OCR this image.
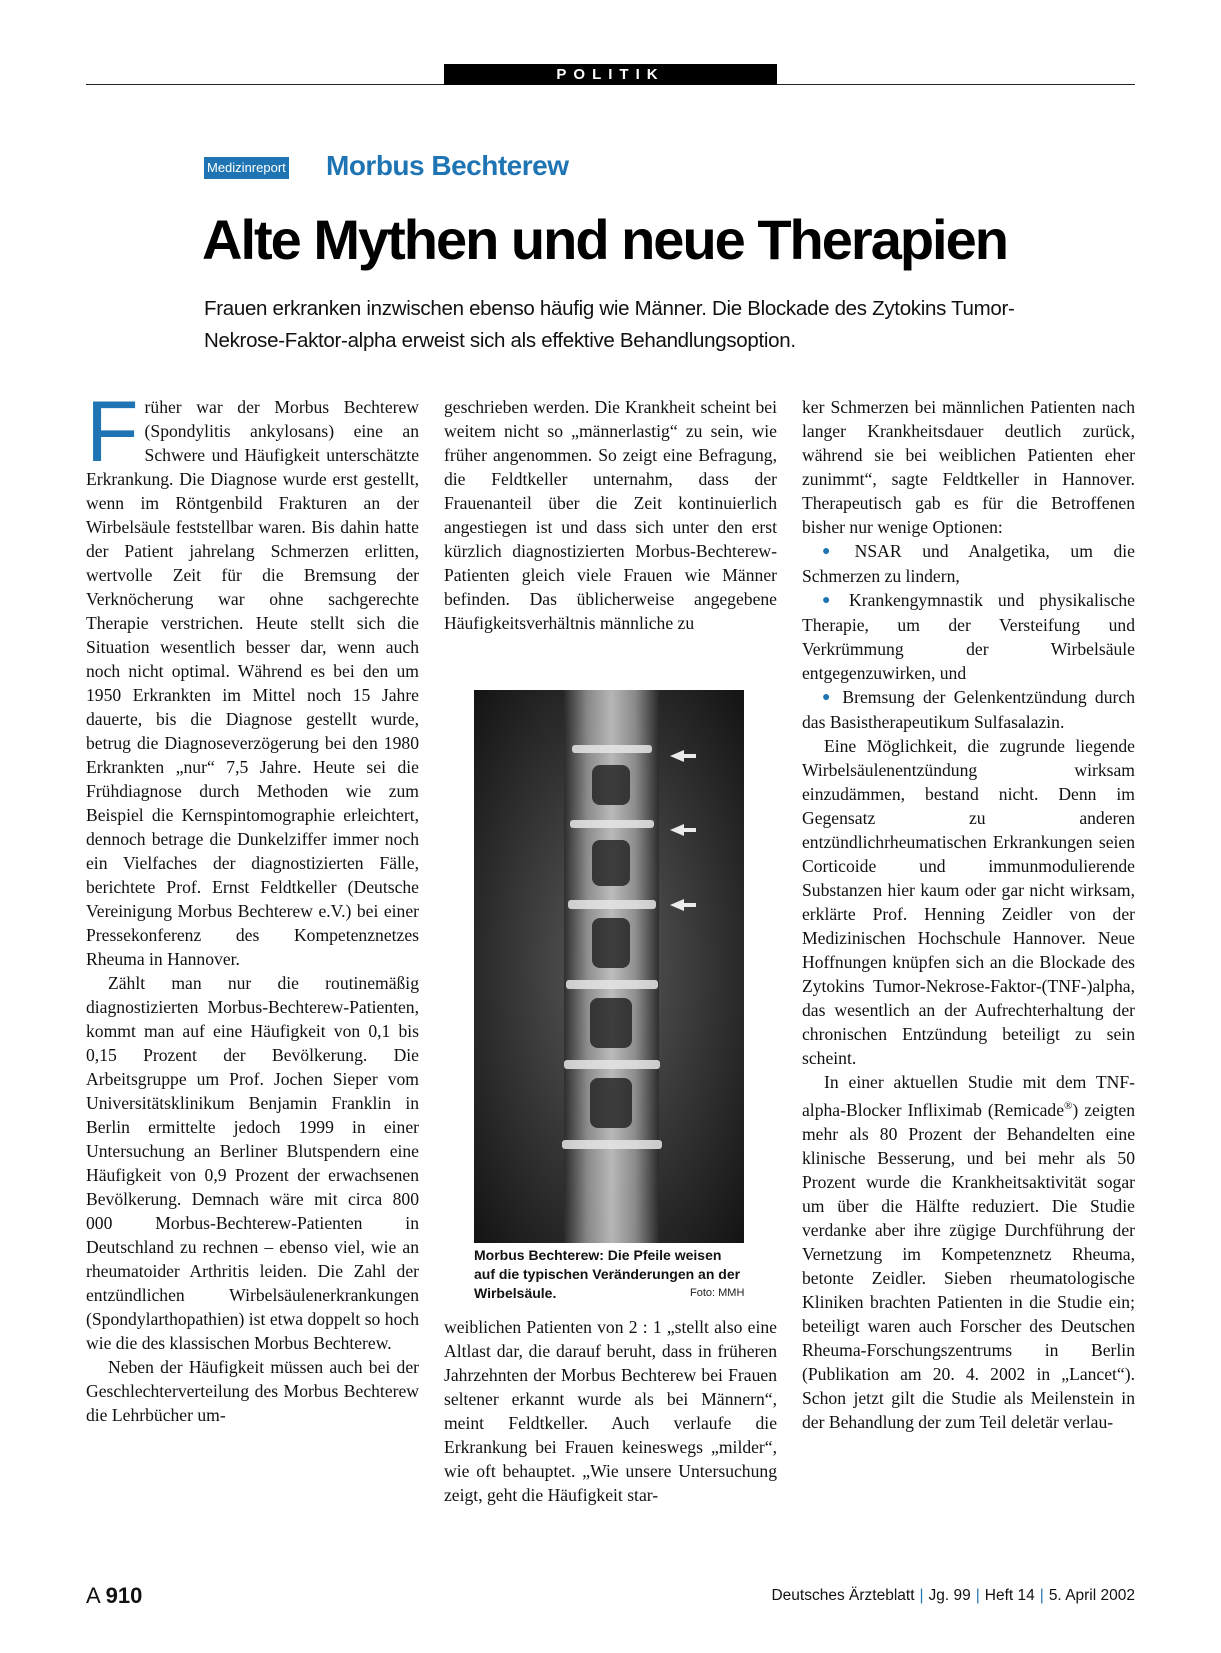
POLITIK
Medizinreport Morbus Bechterew
Alte Mythen und neue Therapien
Frauen erkranken inzwischen ebenso häufig wie Männer. Die Blockade des Zytokins Tumor-Nekrose-Faktor-alpha erweist sich als effektive Behandlungsoption.

Früher war der Morbus Bechterew (Spondylitis ankylosans) eine an Schwere und Häufigkeit unterschätzte Erkrankung. Die Diagnose wurde erst gestellt, wenn im Röntgenbild Frakturen an der Wirbelsäule feststellbar waren. Bis dahin hatte der Patient jahrelang Schmerzen erlitten, wertvolle Zeit für die Bremsung der Verknöcherung war ohne sachgerechte Therapie verstrichen. Heute stellt sich die Situation wesentlich besser dar, wenn auch noch nicht optimal. Während es bei den um 1950 Erkrankten im Mittel noch 15 Jahre dauerte, bis die Diagnose gestellt wurde, betrug die Diagnoseverzögerung bei den 1980 Erkrankten „nur“ 7,5 Jahre. Heute sei die Frühdiagnose durch Methoden wie zum Beispiel die Kernspintomographie erleichtert, dennoch betrage die Dunkelziffer immer noch ein Vielfaches der diagnostizierten Fälle, berichtete Prof. Ernst Feldtkeller (Deutsche Vereinigung Morbus Bechterew e.V.) bei einer Pressekonferenz des Kompetenznetzes Rheuma in Hannover.

Zählt man nur die routinemäßig diagnostizierten Morbus-Bechterew-Patienten, kommt man auf eine Häufigkeit von 0,1 bis 0,15 Prozent der Bevölkerung. Die Arbeitsgruppe um Prof. Jochen Sieper vom Universitätsklinikum Benjamin Franklin in Berlin ermittelte jedoch 1999 in einer Untersuchung an Berliner Blutspendern eine Häufigkeit von 0,9 Prozent der erwachsenen Bevölkerung. Demnach wäre mit circa 800 000 Morbus-Bechterew-Patienten in Deutschland zu rechnen – ebenso viel, wie an rheumatoider Arthritis leiden. Die Zahl der entzündlichen Wirbelsäulenerkrankungen (Spondylarthopathien) ist etwa doppelt so hoch wie die des klassischen Morbus Bechterew.

Neben der Häufigkeit müssen auch bei der Geschlechterverteilung des Morbus Bechterew die Lehrbücher um-

geschrieben werden. Die Krankheit scheint bei weitem nicht so „männerlastig“ zu sein, wie früher angenommen. So zeigt eine Befragung, die Feldtkeller unternahm, dass der Frauenanteil über die Zeit kontinuierlich angestiegen ist und dass sich unter den erst kürzlich diagnostizierten Morbus-Bechterew-Patienten gleich viele Frauen wie Männer befinden. Das üblicherweise angegebene Häufigkeitsverhältnis männliche zu

Morbus Bechterew: Die Pfeile weisen auf die typischen Veränderungen an der Wirbelsäule.	Foto: MMH

weiblichen Patienten von 2 : 1 „stellt also eine Altlast dar, die darauf beruht, dass in früheren Jahrzehnten der Morbus Bechterew bei Frauen seltener erkannt wurde als bei Männern“, meint Feldtkeller. Auch verlaufe die Erkrankung bei Frauen keineswegs „milder“, wie oft behauptet. „Wie unsere Untersuchung zeigt, geht die Häufigkeit star-

ker Schmerzen bei männlichen Patienten nach langer Krankheitsdauer deutlich zurück, während sie bei weiblichen Patienten eher zunimmt“, sagte Feldtkeller in Hannover. Therapeutisch gab es für die Betroffenen bisher nur wenige Optionen:

● NSAR und Analgetika, um die Schmerzen zu lindern,

● Krankengymnastik und physikalische Therapie, um der Versteifung und Verkrümmung der Wirbelsäule entgegenzuwirken, und

● Bremsung der Gelenkentzündung durch das Basistherapeutikum Sulfasalazin.

Eine Möglichkeit, die zugrunde liegende Wirbelsäulenentzündung wirksam einzudämmen, bestand nicht. Denn im Gegensatz zu anderen entzündlichrheumatischen Erkrankungen seien Corticoide und immunmodulierende Substanzen hier kaum oder gar nicht wirksam, erklärte Prof. Henning Zeidler von der Medizinischen Hochschule Hannover. Neue Hoffnungen knüpfen sich an die Blockade des Zytokins Tumor-Nekrose-Faktor-(TNF-)alpha, das wesentlich an der Aufrechterhaltung der chronischen Entzündung beteiligt zu sein scheint.

In einer aktuellen Studie mit dem TNF-alpha-Blocker Infliximab (Remicade®) zeigten mehr als 80 Prozent der Behandelten eine klinische Besserung, und bei mehr als 50 Prozent wurde die Krankheitsaktivität sogar um über die Hälfte reduziert. Die Studie verdanke aber ihre zügige Durchführung der Vernetzung im Kompetenznetz Rheuma, betonte Zeidler. Sieben rheumatologische Kliniken brachten Patienten in die Studie ein; beteiligt waren auch Forscher des Deutschen Rheuma-Forschungszentrums in Berlin (Publikation am 20. 4. 2002 in „Lancet“). Schon jetzt gilt die Studie als Meilenstein in der Behandlung der zum Teil deletär verlau-

A 910	Deutsches Ärzteblatt | Jg. 99 | Heft 14 | 5. April 2002
